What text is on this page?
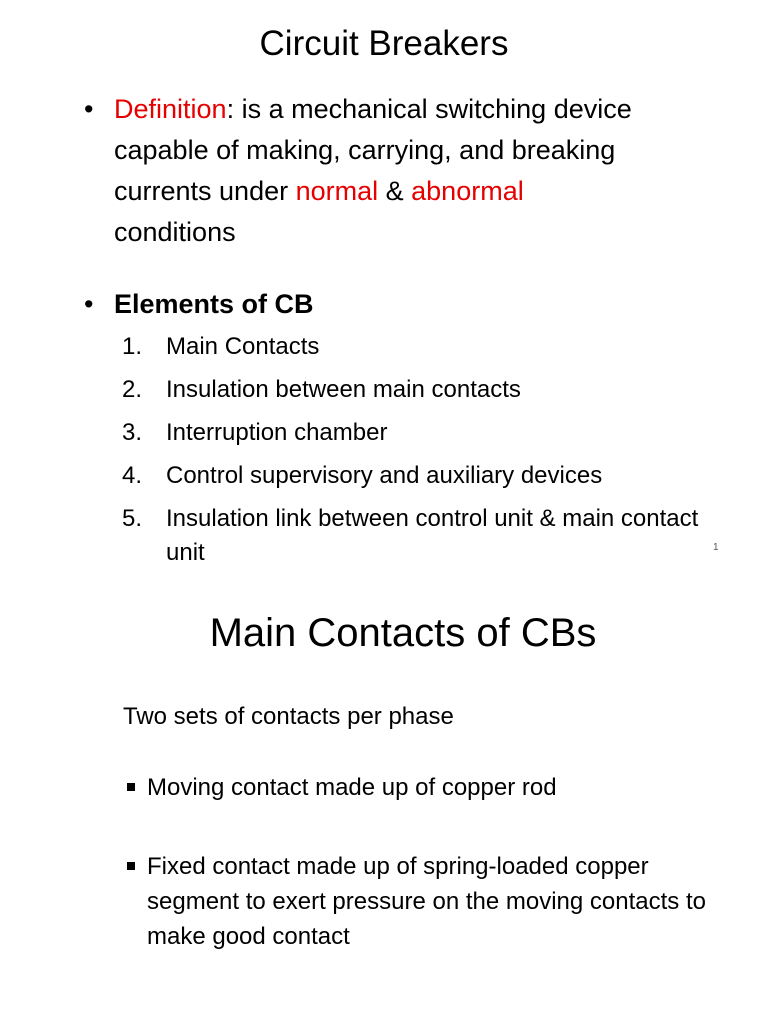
Circuit Breakers
• Definition: is a mechanical switching device
capable of making, carrying, and breaking
currents under normal & abnormal
conditions
• Elements of CB
1. Main Contacts
2. Insulation between main contacts
3. Interruption chamber
4. Control supervisory and auxiliary devices
5. Insulation link between control unit & main contact unit	1
Main Contacts of CBs
Two sets of contacts per phase
Moving contact made up of copper rod
Fixed contact made up of spring-loaded copper segment to exert pressure on the moving contacts to make good contact
